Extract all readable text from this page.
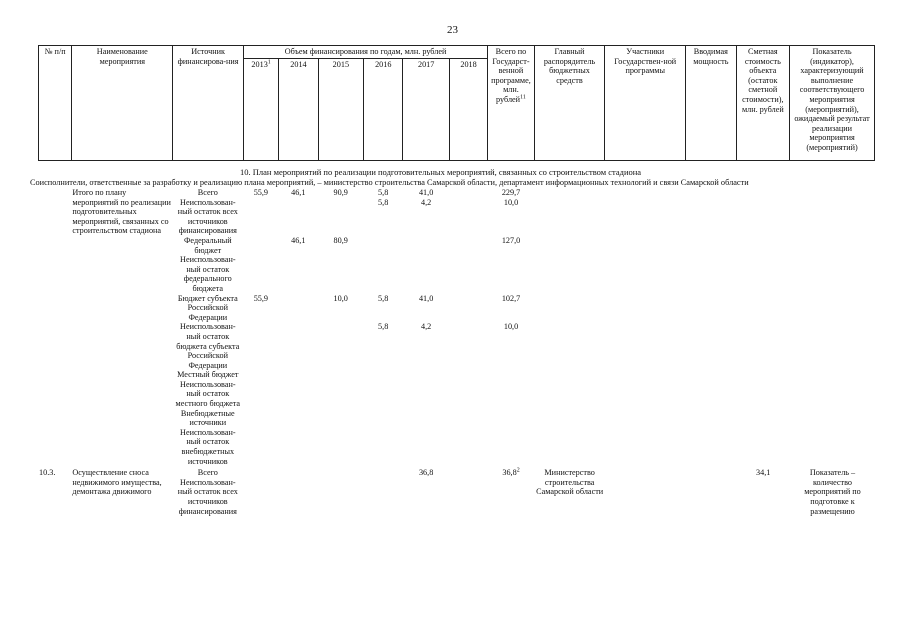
23
№ п/п	Наименование мероприятия	Источник финансирова-ния	Объем финансирования по годам, млн. рублей						Всего по Государст-венной программе, млн. рублей$^{11}$	Главный распорядитель бюджетных средств	Участники Государствен-ной программы	Вводимая мощность	Сметная стоимость объекта (остаток сметной стоимости), млн. рублей	Показатель (индикатор), характеризующий выполнение соответствующего мероприятия (мероприятий), ожидаемый результат реализации мероприятия (мероприятий)
			2013$^1$	2014	2015	2016	2017	2018						
10. План мероприятий по реализации подготовительных мероприятий, связанных со строительством стадиона
Соисполнители, ответственные за разработку и реализацию плана мероприятий, – министерство строительства Самарской области, департамент информационных технологий и связи Самарской области
	Итого по плану мероприятий по реализации подготовительных мероприятий, связанных со строительством стадиона	Всего	55,9	46,1	90,9	5,8	41,0		229,7					
		Неиспользован-ный остаток всех источников финансирования				5,8	4,2		10,0					
		Федеральный бюджет		46,1	80,9				127,0					
		Неиспользован-ный остаток федерального бюджета												
		Бюджет субъекта Российской Федерации	55,9		10,0	5,8	41,0		102,7					
		Неиспользован-ный остаток бюджета субъекта Российской Федерации				5,8	4,2		10,0					
		Местный бюджет												
		Неиспользован-ный остаток местного бюджета												
		Внебюджетные источники												
		Неиспользован-ный остаток внебюджетных источников												
10.3.	Осуществление сноса недвижимого имущества, демонтажа движимого	Всего					36,8		36,8$^2$	Министерство строительства Самарской области			34,1	Показатель – количество мероприятий по подготовке к размещению
		Неиспользован-ный остаток всех источников финансирования												
